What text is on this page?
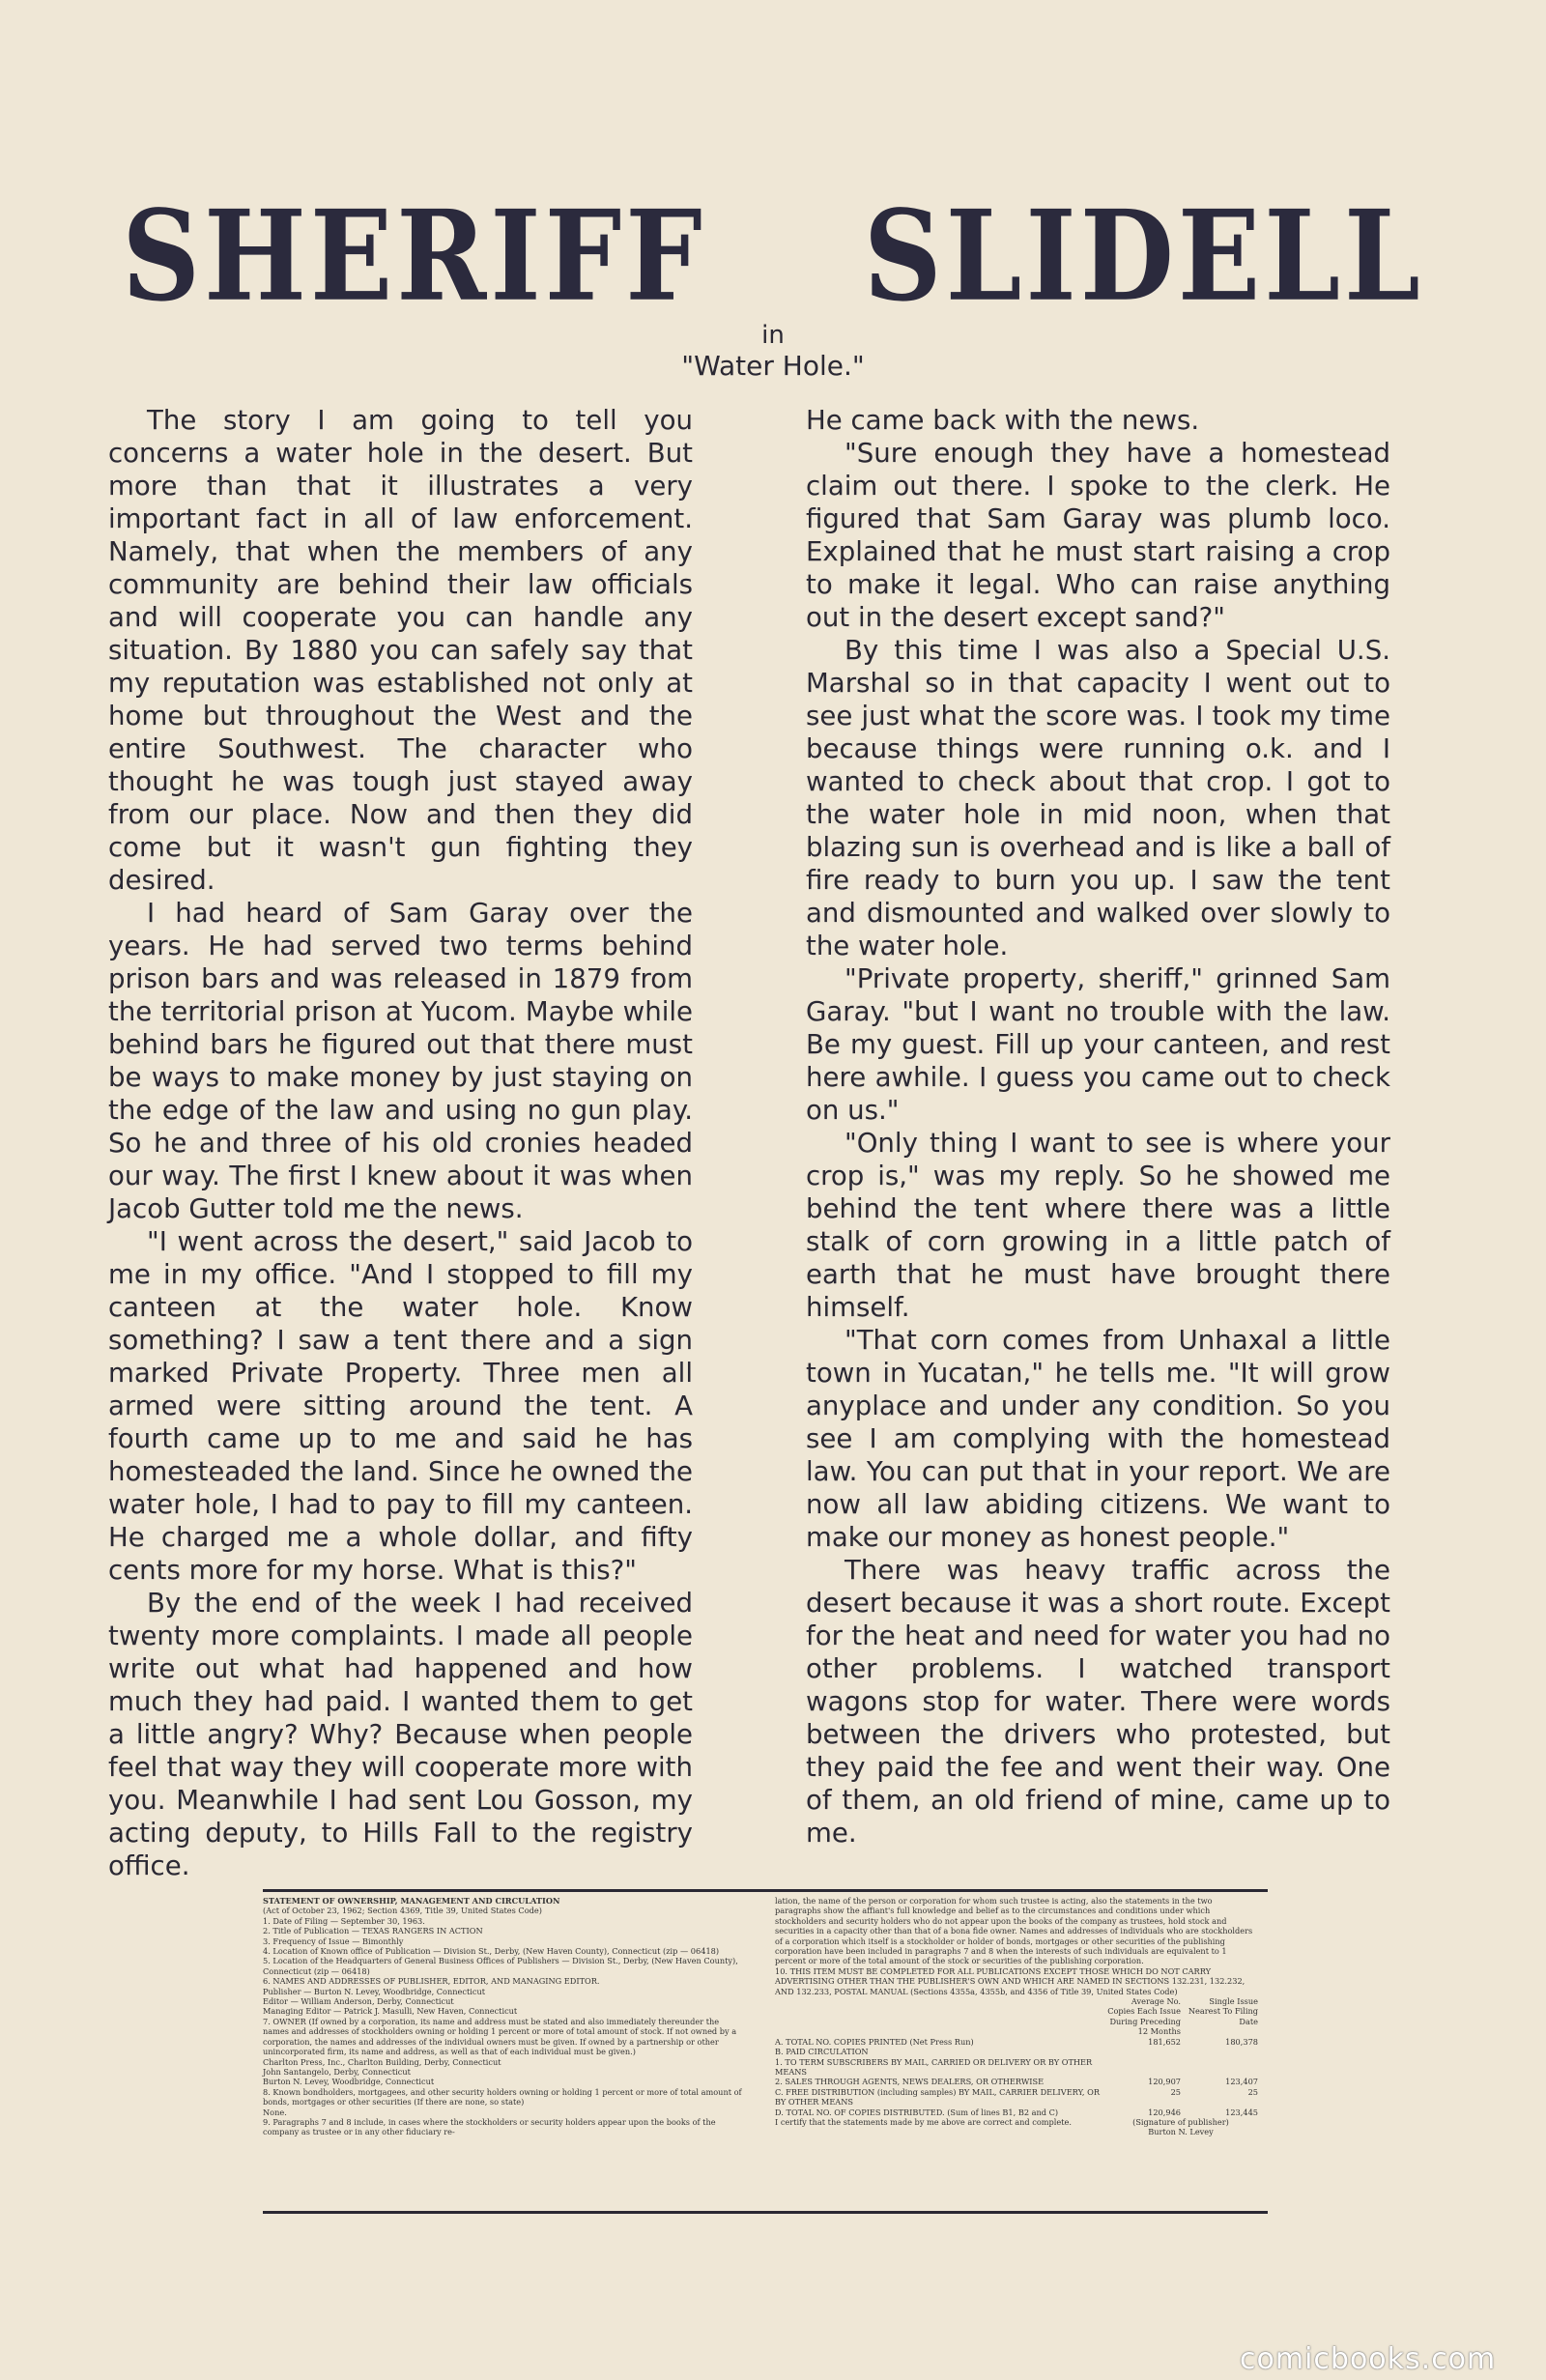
SHERIFF SLIDELL
in
"Water Hole."

The story I am going to tell you concerns a water hole in the desert. But more than that it illustrates a very important fact in all of law enforcement. Namely, that when the members of any community are behind their law officials and will cooperate you can handle any situation. By 1880 you can safely say that my reputation was established not only at home but throughout the West and the entire Southwest. The character who thought he was tough just stayed away from our place. Now and then they did come but it wasn't gun fighting they desired.

I had heard of Sam Garay over the years. He had served two terms behind prison bars and was released in 1879 from the territorial prison at Yucom. Maybe while behind bars he figured out that there must be ways to make money by just staying on the edge of the law and using no gun play. So he and three of his old cronies headed our way. The first I knew about it was when Jacob Gutter told me the news.

"I went across the desert," said Jacob to me in my office. "And I stopped to fill my canteen at the water hole. Know something? I saw a tent there and a sign marked Private Property. Three men all armed were sitting around the tent. A fourth came up to me and said he has homesteaded the land. Since he owned the water hole, I had to pay to fill my canteen. He charged me a whole dollar, and fifty cents more for my horse. What is this?"

By the end of the week I had received twenty more complaints. I made all people write out what had happened and how much they had paid. I wanted them to get a little angry? Why? Because when people feel that way they will cooperate more with you. Meanwhile I had sent Lou Gosson, my acting deputy, to Hills Fall to the registry office.

He came back with the news.

"Sure enough they have a homestead claim out there. I spoke to the clerk. He figured that Sam Garay was plumb loco. Explained that he must start raising a crop to make it legal. Who can raise anything out in the desert except sand?"

By this time I was also a Special U.S. Marshal so in that capacity I went out to see just what the score was. I took my time because things were running o.k. and I wanted to check about that crop. I got to the water hole in mid noon, when that blazing sun is overhead and is like a ball of fire ready to burn you up. I saw the tent and dismounted and walked over slowly to the water hole.

"Private property, sheriff," grinned Sam Garay. "but I want no trouble with the law. Be my guest. Fill up your canteen, and rest here awhile. I guess you came out to check on us."

"Only thing I want to see is where your crop is," was my reply. So he showed me behind the tent where there was a little stalk of corn growing in a little patch of earth that he must have brought there himself.

"That corn comes from Unhaxal a little town in Yucatan," he tells me. "It will grow anyplace and under any condition. So you see I am complying with the homestead law. You can put that in your report. We are now all law abiding citizens. We want to make our money as honest people."

There was heavy traffic across the desert because it was a short route. Except for the heat and need for water you had no other problems. I watched transport wagons stop for water. There were words between the drivers who protested, but they paid the fee and went their way. One of them, an old friend of mine, came up to me.

STATEMENT OF OWNERSHIP, MANAGEMENT AND CIRCULATION
(Act of October 23, 1962; Section 4369, Title 39, United States Code)
1. Date of Filing — September 30, 1963.
2. Title of Publication — TEXAS RANGERS IN ACTION
3. Frequency of Issue — Bimonthly
4. Location of Known office of Publication — Division St., Derby, (New Haven County), Connecticut (zip — 06418)
5. Location of the Headquarters of General Business Offices of Publishers — Division St., Derby, (New Haven County), Connecticut (zip — 06418)
6. NAMES AND ADDRESSES OF PUBLISHER, EDITOR, AND MANAGING EDITOR.
Publisher — Burton N. Levey, Woodbridge, Connecticut
Editor — William Anderson, Derby, Connecticut
Managing Editor — Patrick J. Masulli, New Haven, Connecticut
7. OWNER (If owned by a corporation, its name and address must be stated and also immediately thereunder the names and addresses of stockholders owning or holding 1 percent or more of total amount of stock. If not owned by a corporation, the names and addresses of the individual owners must be given. If owned by a partnership or other unincorporated firm, its name and address, as well as that of each individual must be given.)
Charlton Press, Inc., Charlton Building, Derby, Connecticut
John Santangelo, Derby, Connecticut
Burton N. Levey, Woodbridge, Connecticut
8. Known bondholders, mortgagees, and other security holders owning or holding 1 percent or more of total amount of bonds, mortgages or other securities (If there are none, so state)
None.
9. Paragraphs 7 and 8 include, in cases where the stockholders or security holders appear upon the books of the company as trustee or in any other fiduciary re-
lation, the name of the person or corporation for whom such trustee is acting, also the statements in the two paragraphs show the affiant's full knowledge and belief as to the circumstances and conditions under which stockholders and security holders who do not appear upon the books of the company as trustees, hold stock and securities in a capacity other than that of a bona fide owner. Names and addresses of individuals who are stockholders of a corporation which itself is a stockholder or holder of bonds, mortgages or other securities of the publishing corporation have been included in paragraphs 7 and 8 when the interests of such individuals are equivalent to 1 percent or more of the total amount of the stock or securities of the publishing corporation.
10. THIS ITEM MUST BE COMPLETED FOR ALL PUBLICATIONS EXCEPT THOSE WHICH DO NOT CARRY ADVERTISING OTHER THAN THE PUBLISHER'S OWN AND WHICH ARE NAMED IN SECTIONS 132.231, 132.232, AND 132.233, POSTAL MANUAL (Sections 4355a, 4355b, and 4356 of Title 39, United States Code)
Average No. Copies Each Issue During Preceding 12 Months
Single Issue Nearest To Filing Date
A. TOTAL NO. COPIES PRINTED (Net Press Run)	181,652	180,378
B. PAID CIRCULATION
1. TO TERM SUBSCRIBERS BY MAIL, CARRIED OR DELIVERY OR BY OTHER MEANS
2. SALES THROUGH AGENTS, NEWS DEALERS, OR OTHERWISE	120,907	123,407
C. FREE DISTRIBUTION (including samples) BY MAIL, CARRIER DELIVERY, OR BY OTHER MEANS
25	25
D. TOTAL NO. OF COPIES DISTRIBUTED. (Sum of lines B1, B2 and C)	120,946	123,445
I certify that the statements made by me above are correct and complete.	(Signature of publisher)
Burton N. Levey
comicbooks.com
